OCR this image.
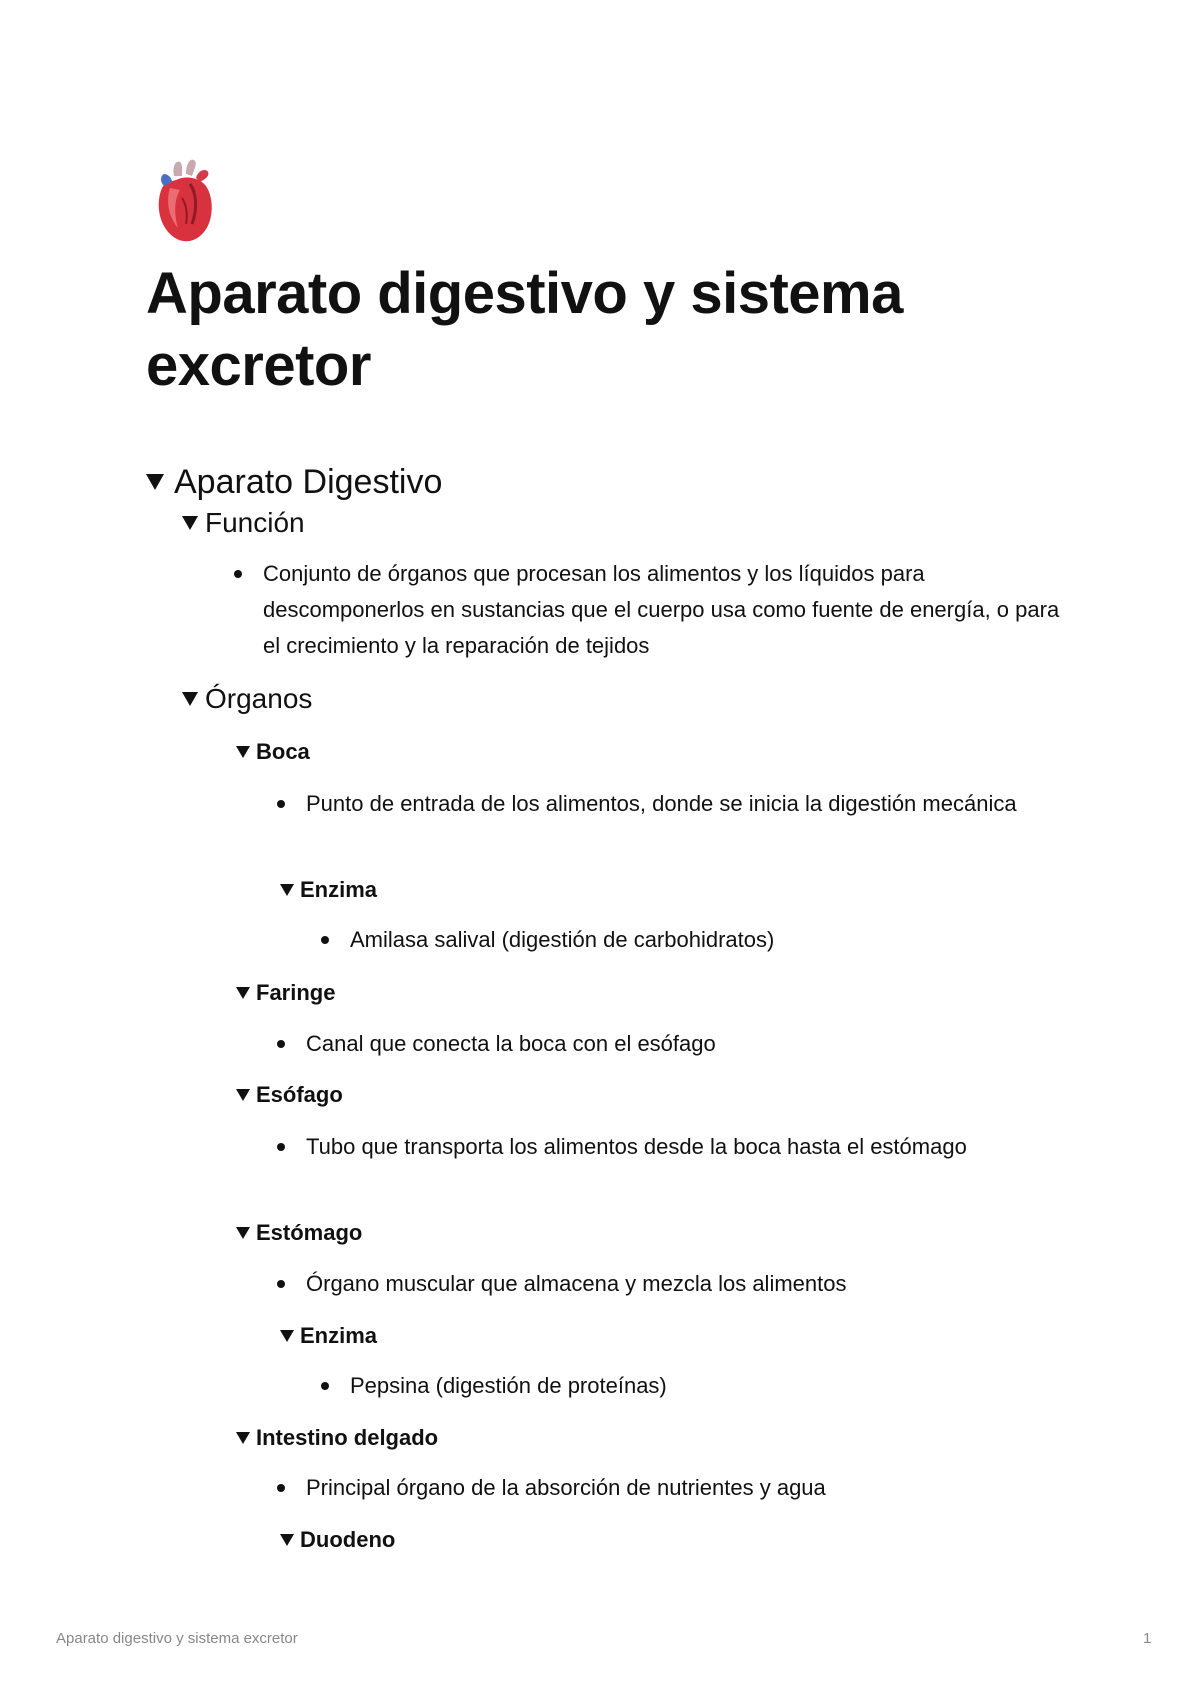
Aparato digestivo y sistema excretor
Aparato Digestivo
Función
Conjunto de órganos que procesan los alimentos y los líquidos para descomponerlos en sustancias que el cuerpo usa como fuente de energía, o para el crecimiento y la reparación de tejidos
Órganos
Boca
Punto de entrada de los alimentos, donde se inicia la digestión mecánica
Enzima
Amilasa salival (digestión de carbohidratos)
Faringe
Canal que conecta la boca con el esófago
Esófago
Tubo que transporta los alimentos desde la boca hasta el estómago
Estómago
Órgano muscular que almacena y mezcla los alimentos
Enzima
Pepsina (digestión de proteínas)
Intestino delgado
Principal órgano de la absorción de nutrientes y agua
Duodeno
Aparato digestivo y sistema excretor	1
